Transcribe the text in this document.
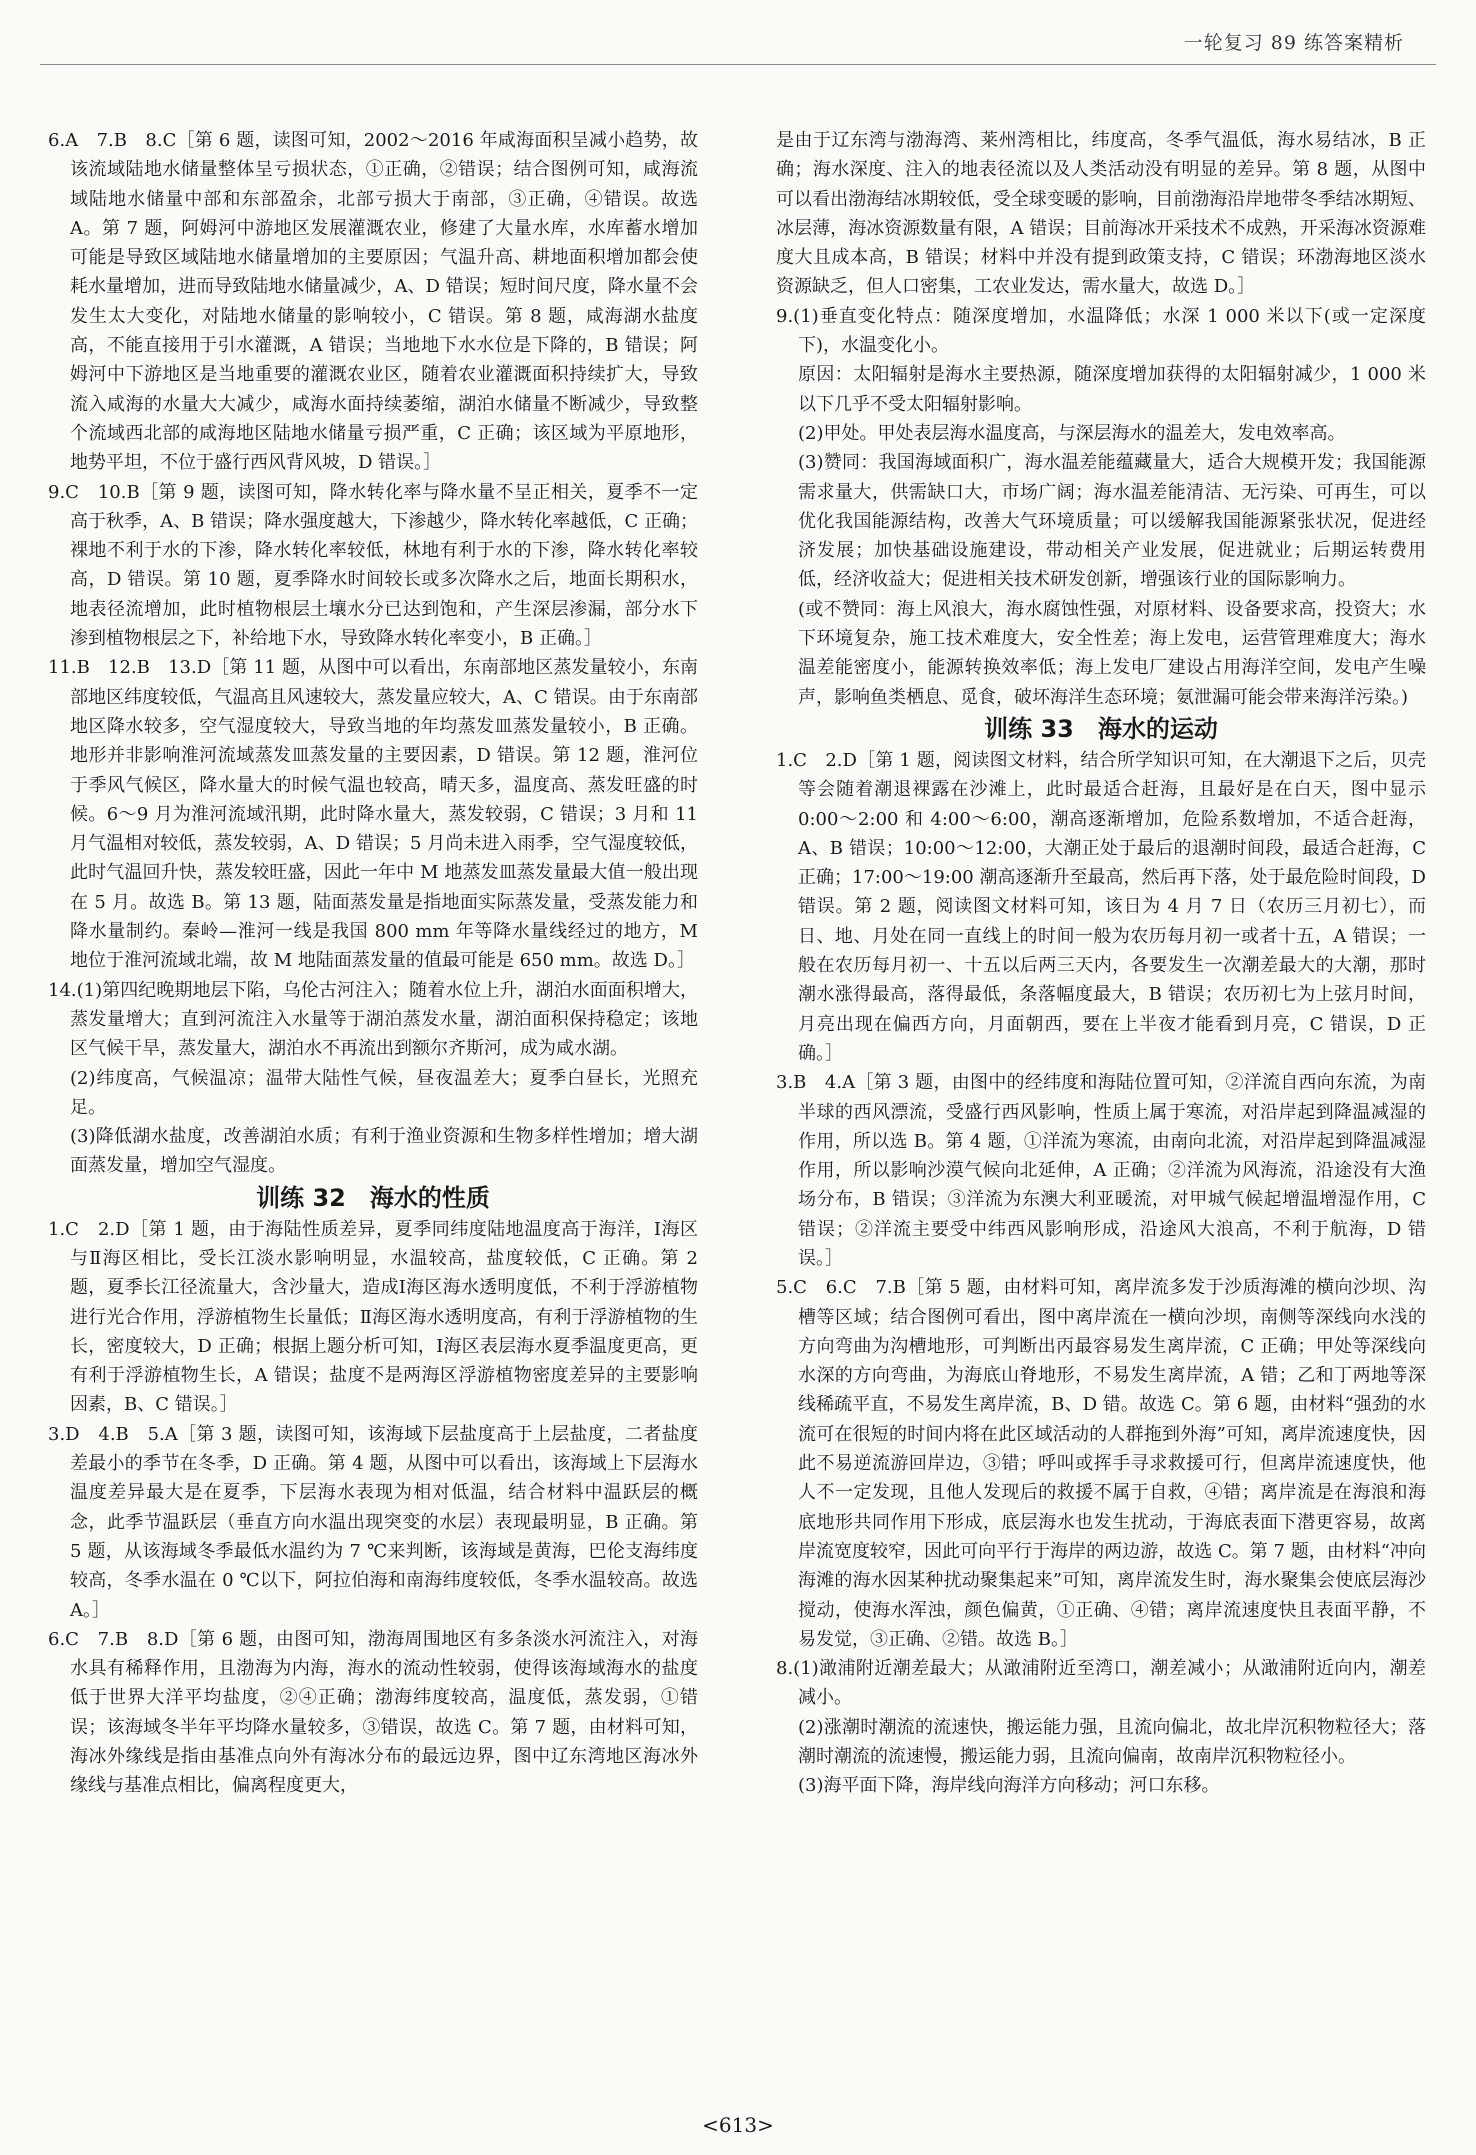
一轮复习 89 练答案精析

6.A　7.B　8.C［第 6 题，读图可知，2002～2016 年咸海面积呈减小趋势，故该流域陆地水储量整体呈亏损状态，①正确，②错误；结合图例可知，咸海流域陆地水储量中部和东部盈余，北部亏损大于南部，③正确，④错误。故选 A。第 7 题，阿姆河中游地区发展灌溉农业，修建了大量水库，水库蓄水增加可能是导致区域陆地水储量增加的主要原因；气温升高、耕地面积增加都会使耗水量增加，进而导致陆地水储量减少，A、D 错误；短时间尺度，降水量不会发生太大变化，对陆地水储量的影响较小，C 错误。第 8 题，咸海湖水盐度高，不能直接用于引水灌溉，A 错误；当地地下水水位是下降的，B 错误；阿姆河中下游地区是当地重要的灌溉农业区，随着农业灌溉面积持续扩大，导致流入咸海的水量大大减少，咸海水面持续萎缩，湖泊水储量不断减少，导致整个流域西北部的咸海地区陆地水储量亏损严重，C 正确；该区域为平原地形，地势平坦，不位于盛行西风背风坡，D 错误。］

9.C　10.B［第 9 题，读图可知，降水转化率与降水量不呈正相关，夏季不一定高于秋季，A、B 错误；降水强度越大，下渗越少，降水转化率越低，C 正确；裸地不利于水的下渗，降水转化率较低，林地有利于水的下渗，降水转化率较高，D 错误。第 10 题，夏季降水时间较长或多次降水之后，地面长期积水，地表径流增加，此时植物根层土壤水分已达到饱和，产生深层渗漏，部分水下渗到植物根层之下，补给地下水，导致降水转化率变小，B 正确。］

11.B　12.B　13.D［第 11 题，从图中可以看出，东南部地区蒸发量较小，东南部地区纬度较低，气温高且风速较大，蒸发量应较大，A、C 错误。由于东南部地区降水较多，空气湿度较大，导致当地的年均蒸发皿蒸发量较小，B 正确。地形并非影响淮河流域蒸发皿蒸发量的主要因素，D 错误。第 12 题，淮河位于季风气候区，降水量大的时候气温也较高，晴天多，温度高、蒸发旺盛的时候。6～9 月为淮河流域汛期，此时降水量大，蒸发较弱，C 错误；3 月和 11 月气温相对较低，蒸发较弱，A、D 错误；5 月尚未进入雨季，空气湿度较低，此时气温回升快，蒸发较旺盛，因此一年中 M 地蒸发皿蒸发量最大值一般出现在 5 月。故选 B。第 13 题，陆面蒸发量是指地面实际蒸发量，受蒸发能力和降水量制约。秦岭—淮河一线是我国 800 mm 年等降水量线经过的地方，M 地位于淮河流域北端，故 M 地陆面蒸发量的值最可能是 650 mm。故选 D。］

14.(1)第四纪晚期地层下陷，乌伦古河注入；随着水位上升，湖泊水面面积增大，蒸发量增大；直到河流注入水量等于湖泊蒸发水量，湖泊面积保持稳定；该地区气候干旱，蒸发量大，湖泊水不再流出到额尔齐斯河，成为咸水湖。

(2)纬度高，气候温凉；温带大陆性气候，昼夜温差大；夏季白昼长，光照充足。

(3)降低湖水盐度，改善湖泊水质；有利于渔业资源和生物多样性增加；增大湖面蒸发量，增加空气湿度。

训练 32　海水的性质

1.C　2.D［第 1 题，由于海陆性质差异，夏季同纬度陆地温度高于海洋，Ⅰ海区与Ⅱ海区相比，受长江淡水影响明显，水温较高，盐度较低，C 正确。第 2 题，夏季长江径流量大，含沙量大，造成Ⅰ海区海水透明度低，不利于浮游植物进行光合作用，浮游植物生长量低；Ⅱ海区海水透明度高，有利于浮游植物的生长，密度较大，D 正确；根据上题分析可知，Ⅰ海区表层海水夏季温度更高，更有利于浮游植物生长，A 错误；盐度不是两海区浮游植物密度差异的主要影响因素，B、C 错误。］

3.D　4.B　5.A［第 3 题，读图可知，该海域下层盐度高于上层盐度，二者盐度差最小的季节在冬季，D 正确。第 4 题，从图中可以看出，该海域上下层海水温度差异最大是在夏季，下层海水表现为相对低温，结合材料中温跃层的概念，此季节温跃层（垂直方向水温出现突变的水层）表现最明显，B 正确。第 5 题，从该海域冬季最低水温约为 7 ℃来判断，该海域是黄海，巴伦支海纬度较高，冬季水温在 0 ℃以下，阿拉伯海和南海纬度较低，冬季水温较高。故选 A。］

6.C　7.B　8.D［第 6 题，由图可知，渤海周围地区有多条淡水河流注入，对海水具有稀释作用，且渤海为内海，海水的流动性较弱，使得该海域海水的盐度低于世界大洋平均盐度，②④正确；渤海纬度较高，温度低，蒸发弱，①错误；该海域冬半年平均降水量较多，③错误，故选 C。第 7 题，由材料可知，海冰外缘线是指由基准点向外有海冰分布的最远边界，图中辽东湾地区海冰外缘线与基准点相比，偏离程度更大，

是由于辽东湾与渤海湾、莱州湾相比，纬度高，冬季气温低，海水易结冰，B 正确；海水深度、注入的地表径流以及人类活动没有明显的差异。第 8 题，从图中可以看出渤海结冰期较低，受全球变暖的影响，目前渤海沿岸地带冬季结冰期短、冰层薄，海冰资源数量有限，A 错误；目前海冰开采技术不成熟，开采海冰资源难度大且成本高，B 错误；材料中并没有提到政策支持，C 错误；环渤海地区淡水资源缺乏，但人口密集，工农业发达，需水量大，故选 D。］

9.(1)垂直变化特点：随深度增加，水温降低；水深 1 000 米以下(或一定深度下)，水温变化小。

原因：太阳辐射是海水主要热源，随深度增加获得的太阳辐射减少，1 000 米以下几乎不受太阳辐射影响。

(2)甲处。甲处表层海水温度高，与深层海水的温差大，发电效率高。

(3)赞同：我国海域面积广，海水温差能蕴藏量大，适合大规模开发；我国能源需求量大，供需缺口大，市场广阔；海水温差能清洁、无污染、可再生，可以优化我国能源结构，改善大气环境质量；可以缓解我国能源紧张状况，促进经济发展；加快基础设施建设，带动相关产业发展，促进就业；后期运转费用低，经济收益大；促进相关技术研发创新，增强该行业的国际影响力。

(或不赞同：海上风浪大，海水腐蚀性强，对原材料、设备要求高，投资大；水下环境复杂，施工技术难度大，安全性差；海上发电，运营管理难度大；海水温差能密度小，能源转换效率低；海上发电厂建设占用海洋空间，发电产生噪声，影响鱼类栖息、觅食，破坏海洋生态环境；氨泄漏可能会带来海洋污染。)

训练 33　海水的运动

1.C　2.D［第 1 题，阅读图文材料，结合所学知识可知，在大潮退下之后，贝壳等会随着潮退裸露在沙滩上，此时最适合赶海，且最好是在白天，图中显示 0:00～2:00 和 4:00～6:00，潮高逐渐增加，危险系数增加，不适合赶海，A、B 错误；10:00～12:00，大潮正处于最后的退潮时间段，最适合赶海，C 正确；17:00～19:00 潮高逐渐升至最高，然后再下落，处于最危险时间段，D 错误。第 2 题，阅读图文材料可知，该日为 4 月 7 日（农历三月初七），而日、地、月处在同一直线上的时间一般为农历每月初一或者十五，A 错误；一般在农历每月初一、十五以后两三天内，各要发生一次潮差最大的大潮，那时潮水涨得最高，落得最低，条落幅度最大，B 错误；农历初七为上弦月时间，月亮出现在偏西方向，月面朝西，要在上半夜才能看到月亮，C 错误，D 正确。］

3.B　4.A［第 3 题，由图中的经纬度和海陆位置可知，②洋流自西向东流，为南半球的西风漂流，受盛行西风影响，性质上属于寒流，对沿岸起到降温减湿的作用，所以选 B。第 4 题，①洋流为寒流，由南向北流，对沿岸起到降温减湿作用，所以影响沙漠气候向北延伸，A 正确；②洋流为风海流，沿途没有大渔场分布，B 错误；③洋流为东澳大利亚暖流，对甲城气候起增温增湿作用，C 错误；②洋流主要受中纬西风影响形成，沿途风大浪高，不利于航海，D 错误。］

5.C　6.C　7.B［第 5 题，由材料可知，离岸流多发于沙质海滩的横向沙坝、沟槽等区域；结合图例可看出，图中离岸流在一横向沙坝，南侧等深线向水浅的方向弯曲为沟槽地形，可判断出丙最容易发生离岸流，C 正确；甲处等深线向水深的方向弯曲，为海底山脊地形，不易发生离岸流，A 错；乙和丁两地等深线稀疏平直，不易发生离岸流，B、D 错。故选 C。第 6 题，由材料“强劲的水流可在很短的时间内将在此区域活动的人群拖到外海”可知，离岸流速度快，因此不易逆流游回岸边，③错；呼叫或挥手寻求救援可行，但离岸流速度快，他人不一定发现，且他人发现后的救援不属于自救，④错；离岸流是在海浪和海底地形共同作用下形成，底层海水也发生扰动，于海底表面下潜更容易，故离岸流宽度较窄，因此可向平行于海岸的两边游，故选 C。第 7 题，由材料“冲向海滩的海水因某种扰动聚集起来”可知，离岸流发生时，海水聚集会使底层海沙搅动，使海水浑浊，颜色偏黄，①正确、④错；离岸流速度快且表面平静，不易发觉，③正确、②错。故选 B。］

8.(1)澉浦附近潮差最大；从澉浦附近至湾口，潮差减小；从澉浦附近向内，潮差减小。

(2)涨潮时潮流的流速快，搬运能力强，且流向偏北，故北岸沉积物粒径大；落潮时潮流的流速慢，搬运能力弱，且流向偏南，故南岸沉积物粒径小。

(3)海平面下降，海岸线向海洋方向移动；河口东移。

<613>
